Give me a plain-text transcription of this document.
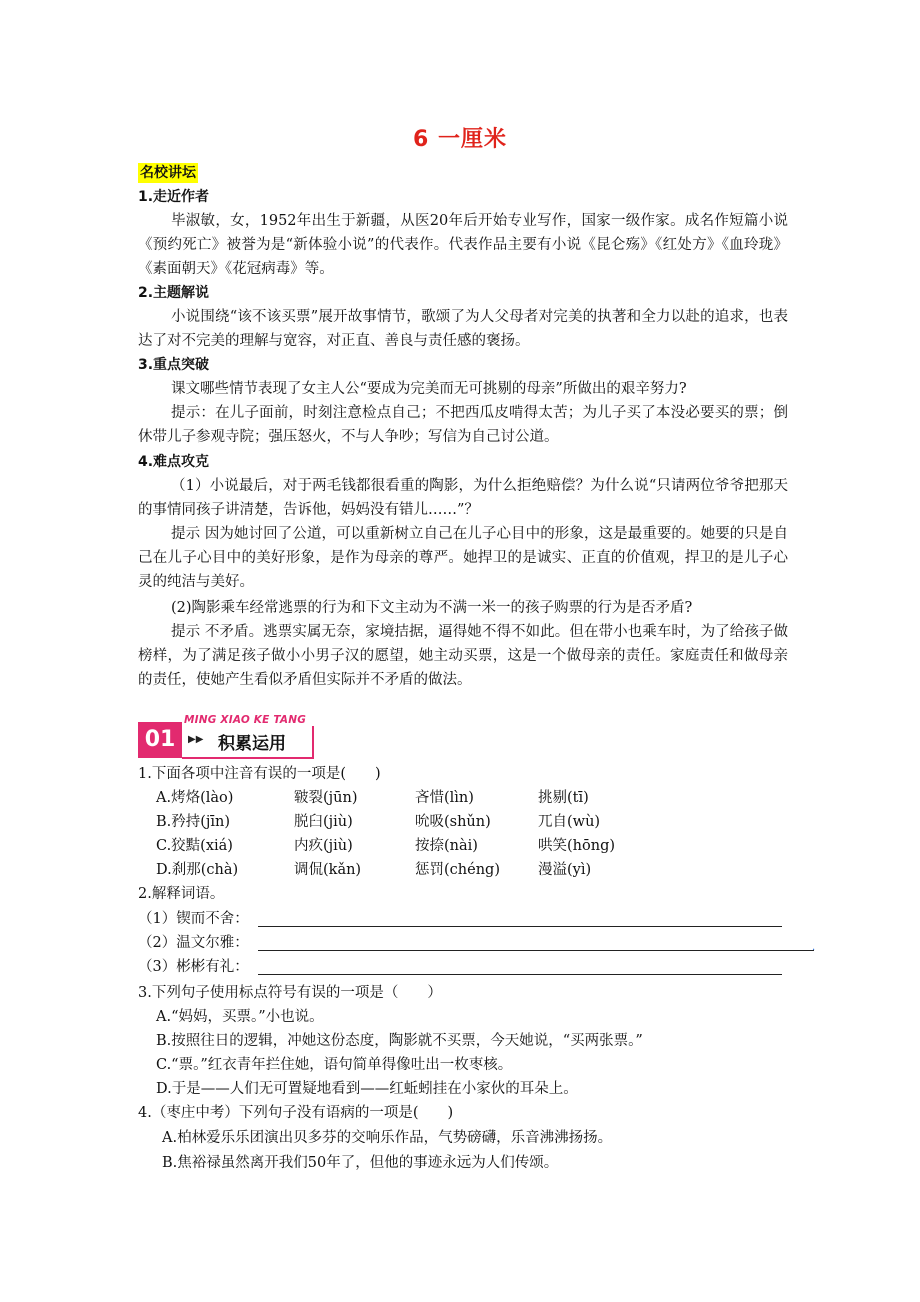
6 一厘米
名校讲坛
1.走近作者

毕淑敏，女，1952年出生于新疆，从医20年后开始专业写作，国家一级作家。成名作短篇小说《预约死亡》被誉为是“新体验小说”的代表作。代表作品主要有小说《昆仑殇》《红处方》《血玲珑》《素面朝天》《花冠病毒》等。

2.主题解说

小说围绕“该不该买票”展开故事情节，歌颂了为人父母者对完美的执著和全力以赴的追求，也表达了对不完美的理解与宽容，对正直、善良与责任感的褒扬。

3.重点突破

课文哪些情节表现了女主人公“要成为完美而无可挑剔的母亲”所做出的艰辛努力?

提示：在儿子面前，时刻注意检点自己；不把西瓜皮啃得太苦；为儿子买了本没必要买的票；倒休带儿子参观寺院；强压怒火，不与人争吵；写信为自己讨公道。

4.难点攻克

（1）小说最后，对于两毛钱都很看重的陶影，为什么拒绝赔偿？为什么说“只请两位爷爷把那天的事情同孩子讲清楚，告诉他，妈妈没有错儿……”？

提示 因为她讨回了公道，可以重新树立自己在儿子心目中的形象，这是最重要的。她要的只是自己在儿子心目中的美好形象，是作为母亲的尊严。她捍卫的是诚实、正直的价值观，捍卫的是儿子心灵的纯洁与美好。

(2)陶影乘车经常逃票的行为和下文主动为不满一米一的孩子购票的行为是否矛盾?

提示 不矛盾。逃票实属无奈，家境拮据，逼得她不得不如此。但在带小也乘车时，为了给孩子做榜样，为了满足孩子做小小男子汉的愿望，她主动买票，这是一个做母亲的责任。家庭责任和做母亲的责任，使她产生看似矛盾但实际并不矛盾的做法。

01
MING XIAO KE TANG
▶▶ 积累运用
1.下面各项中注音有误的一项是(　　)
A.烤烙(lào)	皲裂(jūn)	吝惜(lìn)	挑剔(tī)
B.矜持(jīn)	脱臼(jiù)	吮吸(shǔn)	兀自(wù)
C.狡黠(xiá)	内疚(jiù)	按捺(nài)	哄笑(hōng)
D.刹那(chà)	调侃(kǎn)	惩罚(chéng)	漫溢(yì)
2.解释词语。
（1）锲而不舍：
（2）温文尔雅：	.
（3）彬彬有礼：
3.下列句子使用标点符号有误的一项是（　　）
A.“妈妈，买票。”小也说。
B.按照往日的逻辑，冲她这份态度，陶影就不买票，今天她说，“买两张票。”
C.“票。”红衣青年拦住她，语句简单得像吐出一枚枣核。
D.于是——人们无可置疑地看到——红蚯蚓挂在小家伙的耳朵上。
4.（枣庄中考）下列句子没有语病的一项是(　　)
A.柏林爱乐乐团演出贝多芬的交响乐作品，气势磅礴，乐音沸沸扬扬。
B.焦裕禄虽然离开我们50年了，但他的事迹永远为人们传颂。
